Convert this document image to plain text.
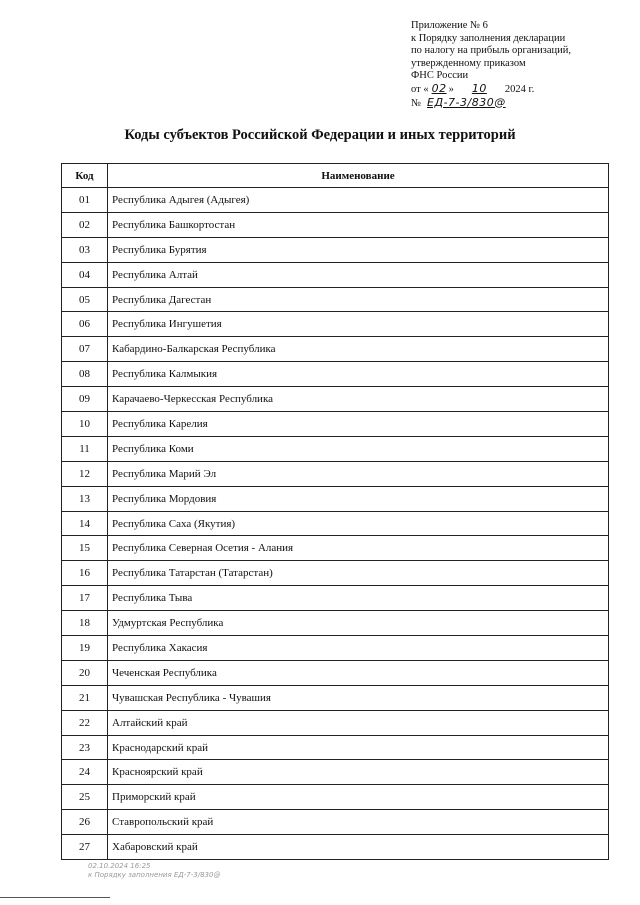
Приложение № 6
к Порядку заполнения декларации
по налогу на прибыль организаций,
утвержденному приказом
ФНС России
от « 02 » 10 2024 г.
№ ЕД-7-3/830@
Коды субъектов Российской Федерации и иных территорий
Код	Наименование
01	Республика Адыгея (Адыгея)
02	Республика Башкортостан
03	Республика Бурятия
04	Республика Алтай
05	Республика Дагестан
06	Республика Ингушетия
07	Кабардино-Балкарская Республика
08	Республика Калмыкия
09	Карачаево-Черкесская Республика
10	Республика Карелия
11	Республика Коми
12	Республика Марий Эл
13	Республика Мордовия
14	Республика Саха (Якутия)
15	Республика Северная Осетия - Алания
16	Республика Татарстан (Татарстан)
17	Республика Тыва
18	Удмуртская Республика
19	Республика Хакасия
20	Чеченская Республика
21	Чувашская Республика - Чувашия
22	Алтайский край
23	Краснодарский край
24	Красноярский край
25	Приморский край
26	Ставропольский край
27	Хабаровский край
02.10.2024 16:25
к Порядку заполнения ЕД-7-3/830@
